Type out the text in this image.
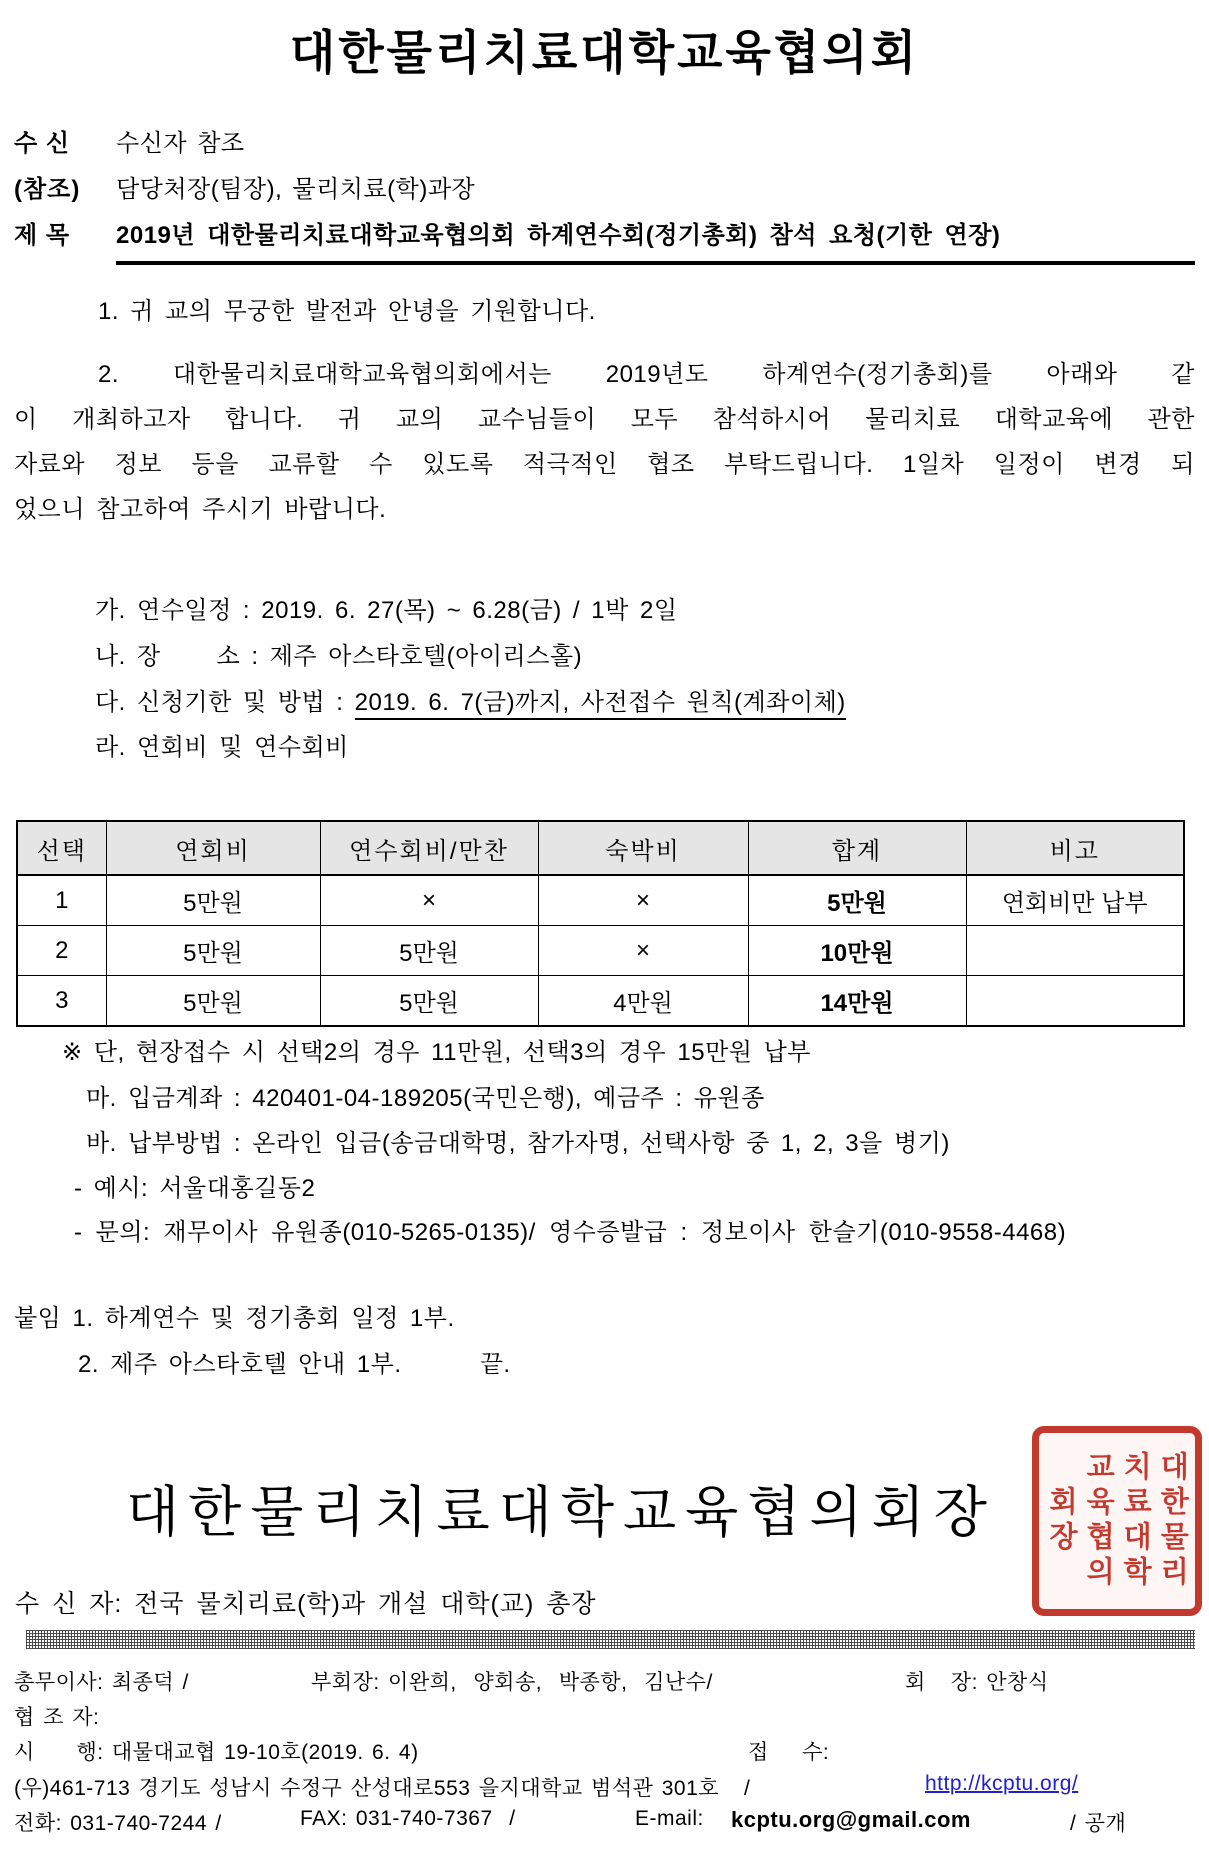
대한물리치료대학교육협의회
수 신	수신자 참조
(참조)	담당처장(팀장), 물리치료(학)과장
제 목	2019년 대한물리치료대학교육협의회 하계연수회(정기총회) 참석 요청(기한 연장)
1. 귀 교의 무궁한 발전과 안녕을 기원합니다.
2. 대한물리치료대학교육협의회에서는 2019년도 하계연수(정기총회)를 아래와 같
이 개최하고자 합니다. 귀 교의 교수님들이 모두 참석하시어 물리치료 대학교육에 관한
자료와 정보 등을 교류할 수 있도록 적극적인 협조 부탁드립니다. 1일차 일정이 변경 되
었으니 참고하여 주시기 바랍니다.
가. 연수일정 : 2019. 6. 27(목) ~ 6.28(금) / 1박 2일
나. 장     소 : 제주 아스타호텔(아이리스홀)
다. 신청기한 및 방법 : 2019. 6. 7(금)까지, 사전접수 원칙(계좌이체)
라. 연회비 및 연수회비
선택	연회비	연수회비/만찬	숙박비	합계	비고
1	5만원	×	×	5만원	연회비만 납부
2	5만원	5만원	×	10만원	
3	5만원	5만원	4만원	14만원	
※ 단, 현장접수 시 선택2의 경우 11만원, 선택3의 경우 15만원 납부
마. 입금계좌 : 420401-04-189205(국민은행), 예금주 : 유원종
바. 납부방법 : 온라인 입금(송금대학명, 참가자명, 선택사항 중 1, 2, 3을 병기)
- 예시: 서울대홍길동2
- 문의: 재무이사 유원종(010-5265-0135)/ 영수증발급 : 정보이사 한슬기(010-9558-4468)
붙임 1. 하계연수 및 정기총회 일정 1부.
2. 제주 아스타호텔 안내 1부.       끝.
대한물리치료대학교육협의회장	대한물리
치료대학
교육협의
회장
수 신 자: 전국 물치리료(학)과 개설 대학(교) 총장
총무이사: 최종덕 /	부회장: 이완희,  양회송,  박종항,  김난수/	회   장: 안창식
협 조 자:
시     행: 대물대교협 19-10호(2019. 6. 4)	접    수:
(우)461-713 경기도 성남시 수정구 산성대로553 을지대학교 범석관 301호   /	http://kcptu.org/
전화: 031-740-7244 /	FAX: 031-740-7367  /	E-mail: kcptu.org@gmail.com	/ 공개
